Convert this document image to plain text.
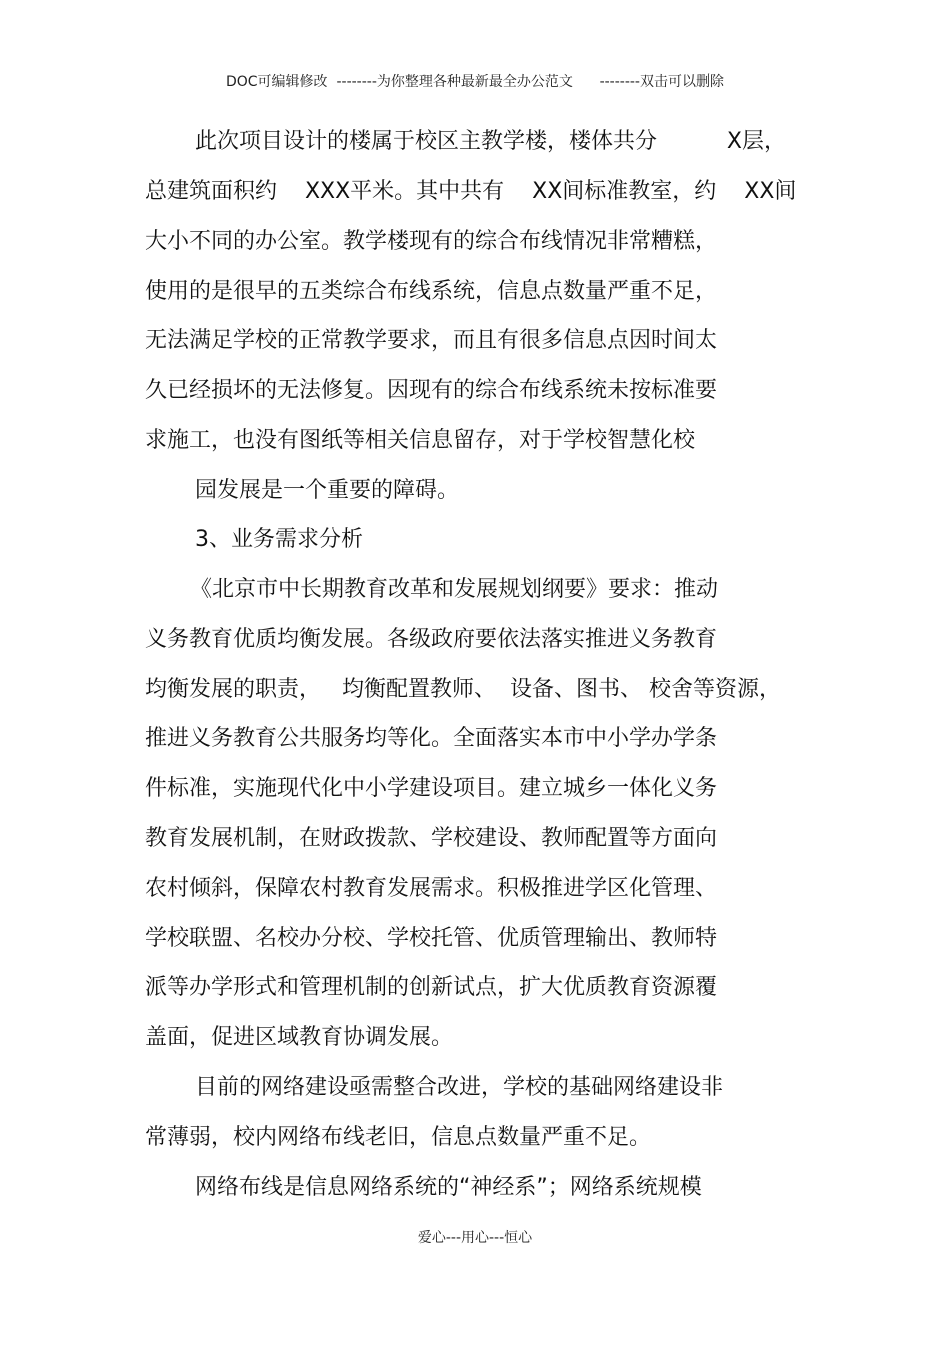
DOC可编辑修改  --------为你整理各种最新最全办公范文      --------双击可以删除
此次项目设计的楼属于校区主教学楼，楼体共分          X层，
总建筑面积约    XXX平米。其中共有    XX间标准教室，约    XX间
大小不同的办公室。教学楼现有的综合布线情况非常糟糕，
使用的是很早的五类综合布线系统，信息点数量严重不足，
无法满足学校的正常教学要求，而且有很多信息点因时间太
久已经损坏的无法修复。因现有的综合布线系统未按标准要
求施工，也没有图纸等相关信息留存，对于学校智慧化校
园发展是一个重要的障碍。
3、业务需求分析
《北京市中长期教育改革和发展规划纲要》要求：推动
义务教育优质均衡发展。各级政府要依法落实推进义务教育
均衡发展的职责，   均衡配置教师、  设备、图书、 校舍等资源，
推进义务教育公共服务均等化。全面落实本市中小学办学条
件标准，实施现代化中小学建设项目。建立城乡一体化义务
教育发展机制，在财政拨款、学校建设、教师配置等方面向
农村倾斜，保障农村教育发展需求。积极推进学区化管理、
学校联盟、名校办分校、学校托管、优质管理输出、教师特
派等办学形式和管理机制的创新试点，扩大优质教育资源覆
盖面，促进区域教育协调发展。
目前的网络建设亟需整合改进，学校的基础网络建设非
常薄弱，校内网络布线老旧，信息点数量严重不足。
网络布线是信息网络系统的“神经系”；网络系统规模
爱心---用心---恒心
